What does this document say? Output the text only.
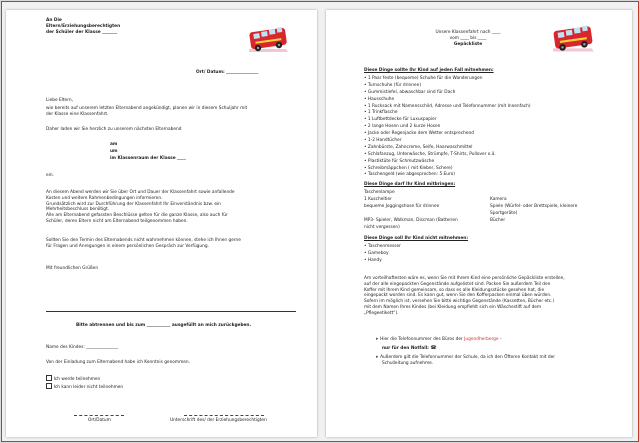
An Die
Eltern/Erziehungsberechtigten
der Schüler der Klasse _______
Ort/ Datum: _______________
Liebe Eltern,
wie bereits auf unserem letzten Elternabend angekündigt, planen wir in diesem Schuljahr mit
der Klasse eine Klassenfahrt.
Daher laden wir Sie herzlich zu unserem nächsten Elternabend
am
um
im Klassenraum der Klasse ____
ein.
An diesem Abend werden wir Sie über Ort und Dauer der Klassenfahrt sowie anfallende
Kosten und weitere Rahmenbedingungen informieren.
Grundsätzlich wird zur Durchführung der Klassenfahrt Ihr Einverständnis bzw. ein
Mehrheitsbeschluss benötigt.
Alle am Elternabend gefassten Beschlüsse gelten für die ganze Klasse, also auch für
Schüler, deren Eltern nicht am Elternabend teilgenommen haben.
Sollten Sie den Termin des Elternabends nicht wahrnehmen können, stehe ich Ihnen gerne
für Fragen und Anregungen in einem persönlichen Gespräch zur Verfügung.
Mit freundlichen Grüßen
Bitte abtrennen und bis zum ___________ ausgefüllt an mich zurückgeben.
Name des Kindes: _______________
Von der Einladung zum Elternabend habe ich Kenntnis genommen.
Ich werde teilnehmen
Ich kann leider nicht teilnehmen
Ort/Datum	Unterschrift des/ der Erziehungsberechtigten
Unsere Klassenfahrt nach ____
vom ____ bis ____
Gepäckliste
Diese Dinge sollte Ihr Kind auf jeden Fall mitnehmen:
• 1 Paar feste (bequeme) Schuhe für die Wanderungen
• Turnschuhe (für drinnen)
• Gummistiefel, abwaschbar sind für Dach
• Hausschuhe
• 1 Rucksack mit Namensschild, Adresse und Telefonnummer (mit Innenfach)
• 1 Trinkflasche
• 1 Luftbettdecke für Luxuspapier
• 2 lange Hosen und 2 kurze Hosen
• Jacke oder Regenjacke dem Wetter entsprechend
• 1-2 Handtücher
• Zahnbürste, Zahncreme, Seife, Haarwaschmittel
• Schlafanzug, Unterwäsche, Strümpfe, T-Shirts, Pullover o.ä.
• Plastiktüte für Schmutzwäsche
• Schreibmäppchen ( mit Kleber, Schere)
• Taschengeld (wie abgesprochen: 5 Euro)
Diese Dinge darf Ihr Kind mitbringen:
Taschenlampe
1 Kuscheltier
bequeme Joggingshose für drinnen
MP3- Spieler, Walkman, Discman (Batterien
nicht vergessen)
Kamera
Spiele (Würfel- oder Brettspiele, kleinere
Sportgeräte)
Bücher
Diese Dinge soll Ihr Kind nicht mitnehmen:
• Taschenmesser
• Gameboy
• Handy
Am vorteilhaftesten wäre es, wenn Sie mit Ihrem Kind eine persönliche Gepäckliste erstellen,
auf der alle eingepackten Gegenstände aufgelistet sind. Packen Sie außerdem Teil den
Koffer mit Ihrem Kind gemeinsam, so dass es alle Kleidungsstücke gesehen hat, die
eingepackt worden sind. Es kann gut, wenn Sie den Kofferpacken einmal üben würden.
Sofern im möglich ist, versehen Sie bitte wichtige Gegenstände (Kassetten, Bücher etc.)
mit dem Namen Ihres Kindes (bei Kleidung empfiehlt sich ein Wäschestift auf dem
„Pflegeetikett“).
▸ Hier die Telefonnummer des Büros der Jugendherberge -
nur für den Notfall: ☎
▸ Außerdem gilt die Telefonnummer der Schule, da ich den Öfteren Kontakt mit der
Schulleitung aufnehme.
